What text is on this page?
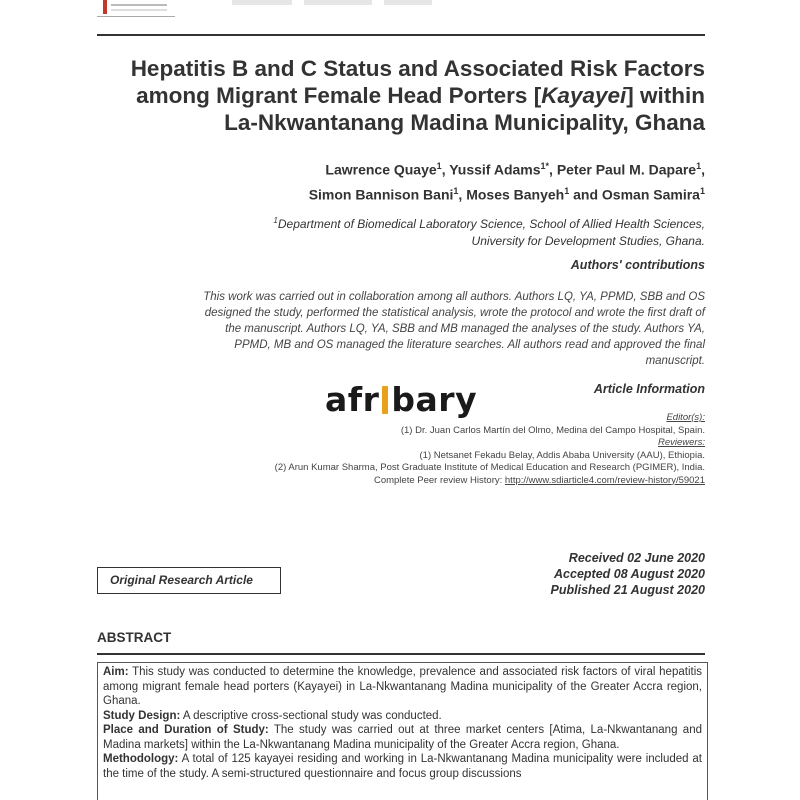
Hepatitis B and C Status and Associated Risk Factors
among Migrant Female Head Porters [Kayayei] within
La-Nkwantanang Madina Municipality, Ghana
Lawrence Quaye$^1$, Yussif Adams$^{1*}$, Peter Paul M. Dapare$^1$,
Simon Bannison Bani$^1$, Moses Banyeh$^1$ and Osman Samira$^1$
$^1$Department of Biomedical Laboratory Science, School of Allied Health Sciences,
University for Development Studies, Ghana.
Authors' contributions
This work was carried out in collaboration among all authors. Authors LQ, YA, PPMD, SBB and OS
designed the study, performed the statistical analysis, wrote the protocol and wrote the first draft of
the manuscript. Authors LQ, YA, SBB and MB managed the analyses of the study. Authors YA,
PPMD, MB and OS managed the literature searches. All authors read and approved the final
manuscript.
Article Information
afr bary	Editor(s):
(1) Dr. Juan Carlos Martín del Olmo, Medina del Campo Hospital, Spain.
Reviewers:
(1) Netsanet Fekadu Belay, Addis Ababa University (AAU), Ethiopia.
(2) Arun Kumar Sharma, Post Graduate Institute of Medical Education and Research (PGIMER), India.
Complete Peer review History: http://www.sdiarticle4.com/review-history/59021
Received 02 June 2020
Accepted 08 August 2020
Published 21 August 2020
Original Research Article
ABSTRACT

Aim: This study was conducted to determine the knowledge, prevalence and associated risk factors of viral hepatitis among migrant female head porters (Kayayei) in La-Nkwantanang Madina municipality of the Greater Accra region, Ghana.

Study Design: A descriptive cross-sectional study was conducted.

Place and Duration of Study: The study was carried out at three market centers [Atima, La-Nkwantanang and Madina markets] within the La-Nkwantanang Madina municipality of the Greater Accra region, Ghana.

Methodology: A total of 125 kayayei residing and working in La-Nkwantanang Madina municipality were included at the time of the study. A semi-structured questionnaire and focus group discussions
